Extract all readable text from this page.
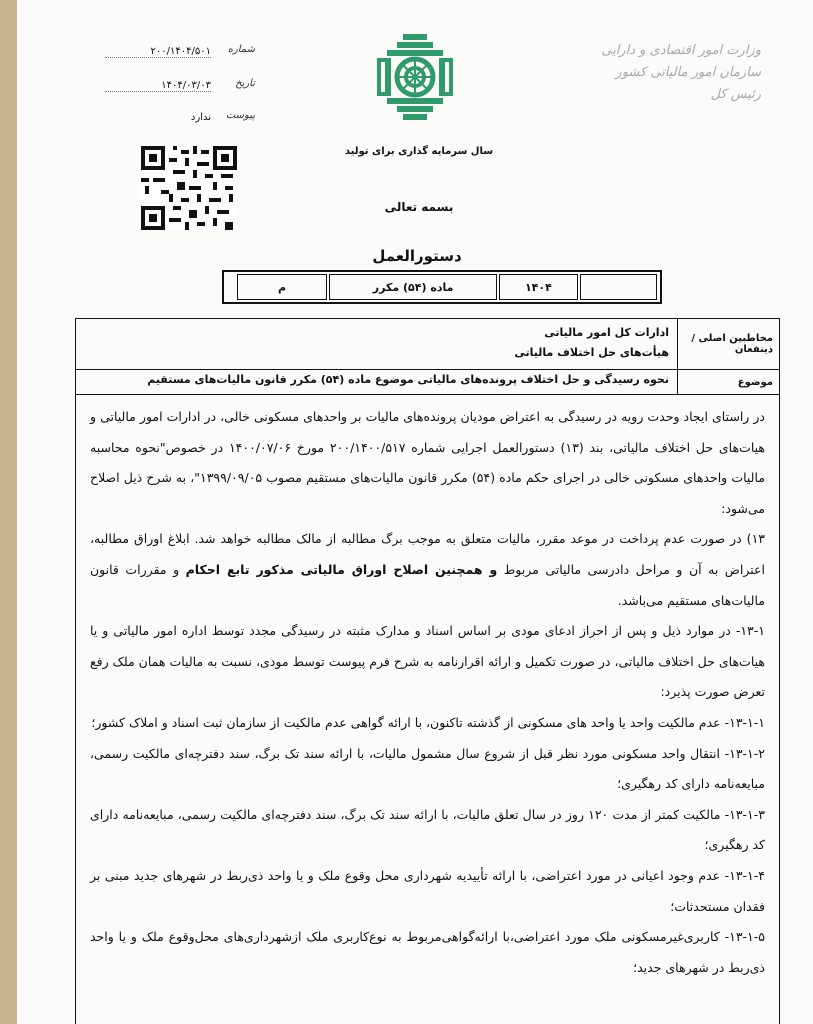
وزارت امور اقتصادی و دارایی
سازمان امور مالیاتی کشور
رئیس کل
سال سرمایه گذاری برای تولید
شماره
۲۰۰/۱۴۰۴/۵۰۱
تاریخ
۱۴۰۴/۰۳/۰۳
پیوست
ندارد
بسمه تعالی
دستورالعمل
۱۴۰۴
ماده (۵۴) مکرر
م
مخاطبین اصلی / ذینفعان
ادارات کل امور مالیاتی
هیأت‌های حل اختلاف مالیاتی
موضوع
نحوه رسیدگی و حل اختلاف پرونده‌های مالیاتی موضوع ماده (۵۴) مکرر قانون مالیات‌های مستقیم

در راستای ایجاد وحدت رویه در رسیدگی به اعتراض مودیان پرونده‌های مالیات بر واحدهای مسکونی خالی، در ادارات امور مالیاتی و هیات‌های حل اختلاف مالیاتی، بند (۱۳) دستورالعمل اجرایی شماره ۲۰۰/۱۴۰۰/۵۱۷ مورخ ۱۴۰۰/۰۷/۰۶ در خصوص"نحوه محاسبه مالیات واحدهای مسکونی خالی در اجرای حکم ماده (۵۴) مکرر قانون مالیات‌های مستقیم مصوب ۱۳۹۹/۰۹/۰۵"، به شرح ذیل اصلاح می‌شود:

۱۳) در صورت عدم پرداخت در موعد مقرر، مالیات متعلق به موجب برگ مطالبه از مالک مطالبه خواهد شد. ابلاغ اوراق مطالبه، اعتراض به آن و مراحل دادرسی مالیاتی مربوط و همچنین اصلاح اوراق مالیاتی مذکور تابع احکام و مقررات قانون مالیات‌های مستقیم می‌باشد.

۱۳-۱- در موارد ذیل و پس از احراز ادعای مودی بر اساس اسناد و مدارک مثبته در رسیدگی مجدد توسط اداره امور مالیاتی و یا هیات‌های حل اختلاف مالیاتی، در صورت تکمیل و ارائه اقرارنامه به شرح فرم پیوست توسط مودی، نسبت به مالیات همان ملک رفع تعرض صورت پذیرد:

۱۳-۱-۱- عدم مالکیت واحد یا واحد های مسکونی از گذشته تاکنون، با ارائه گواهی عدم مالکیت از سازمان ثبت اسناد و املاک کشور؛

۱۳-۱-۲- انتقال واحد مسکونی مورد نظر قبل از شروع سال مشمول مالیات، با ارائه سند تک برگ، سند دفترچه‌ای مالکیت رسمی، مبایعه‌نامه دارای کد رهگیری؛

۱۳-۱-۳- مالکیت کمتر از مدت ۱۲۰ روز در سال تعلق مالیات، با ارائه سند تک برگ، سند دفترچه‌ای مالکیت رسمی، مبایعه‌نامه دارای کد رهگیری؛

۱۳-۱-۴- عدم وجود اعیانی در مورد اعتراضی، با ارائه تأییدیه شهرداری محل وقوع ملک و یا واحد ذی‌ربط در شهرهای جدید مبنی بر فقدان مستحدثات؛

۱۳-۱-۵- کاربری‌غیرمسکونی ملک مورد اعتراضی،با ارائه‌گواهی‌مربوط به نوع‌کاربری ملک ازشهرداری‌های محل‌وقوع ملک و یا واحد ذی‌ربط در شهرهای جدید؛
